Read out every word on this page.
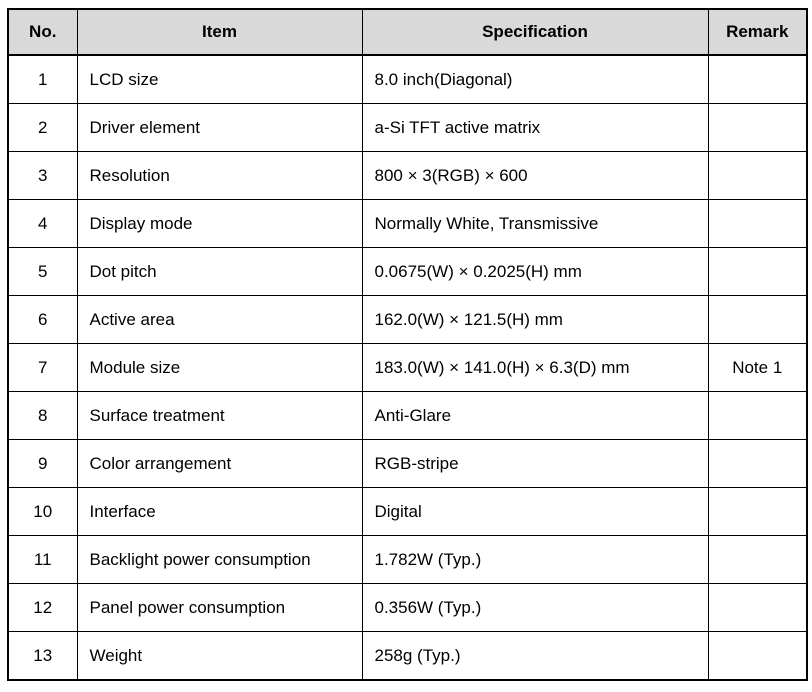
No.	Item	Specification	Remark
1	LCD size	8.0 inch(Diagonal)	
2	Driver element	a-Si TFT active matrix	
3	Resolution	800 × 3(RGB) × 600	
4	Display mode	Normally White, Transmissive	
5	Dot pitch	0.0675(W) × 0.2025(H) mm	
6	Active area	162.0(W) × 121.5(H) mm	
7	Module size	183.0(W) × 141.0(H) × 6.3(D) mm	Note 1
8	Surface treatment	Anti-Glare	
9	Color arrangement	RGB-stripe	
10	Interface	Digital	
11	Backlight power consumption	1.782W (Typ.)	
12	Panel power consumption	0.356W (Typ.)	
13	Weight	258g (Typ.)	
